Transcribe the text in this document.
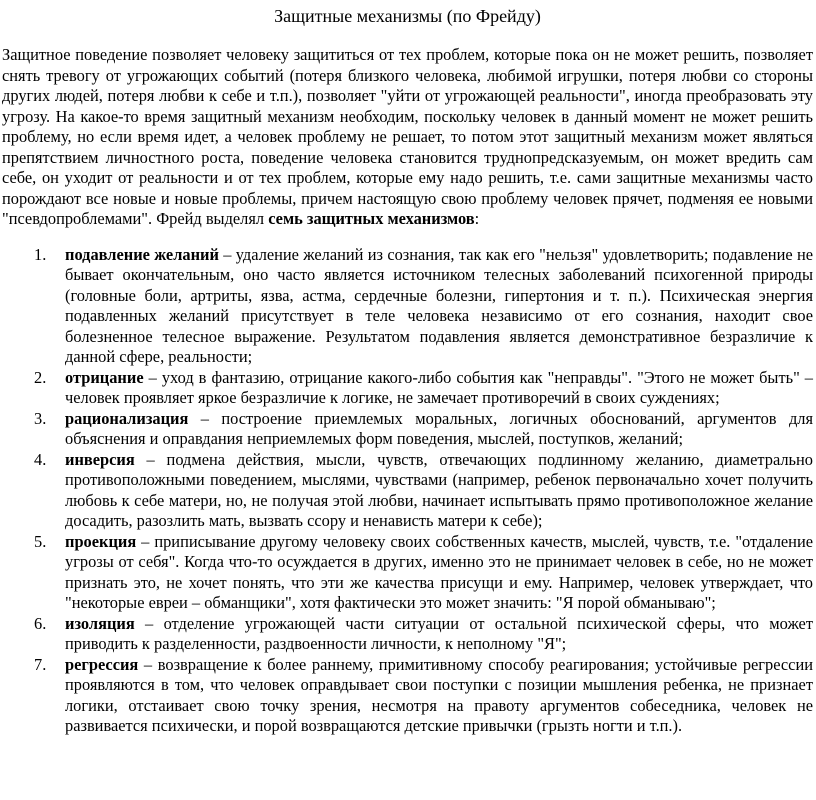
Защитные механизмы (по Фрейду)

Защитное поведение позволяет человеку защититься от тех проблем, которые пока он не может решить, позволяет снять тревогу от угрожающих событий (потеря близкого человека, любимой игрушки, потеря любви со стороны других людей, потеря любви к себе и т.п.), позволяет "уйти от угрожающей реальности", иногда преобразовать эту угрозу. На какое-то время защитный механизм необходим, поскольку человек в данный момент не может решить проблему, но если время идет, а человек проблему не решает, то потом этот защитный механизм может являться препятствием личностного роста, поведение человека становится труднопредсказуемым, он может вредить сам себе, он уходит от реальности и от тех проблем, которые ему надо решить, т.е. сами защитные механизмы часто порождают все новые и новые проблемы, причем настоящую свою проблему человек прячет, подменяя ее новыми "псевдопроблемами". Фрейд выделял семь защитных механизмов:

1. подавление желаний – удаление желаний из сознания, так как его "нельзя" удовлетворить; подавление не бывает окончательным, оно часто является источником телесных заболеваний психогенной природы (головные боли, артриты, язва, астма, сердечные болезни, гипертония и т. п.). Психическая энергия подавленных желаний присутствует в теле человека независимо от его сознания, находит свое болезненное телесное выражение. Результатом подавления является демонстративное безразличие к данной сфере, реальности;
2. отрицание – уход в фантазию, отрицание какого-либо события как "неправды". "Этого не может быть" – человек проявляет яркое безразличие к логике, не замечает противоречий в своих суждениях;
3. рационализация – построение приемлемых моральных, логичных обоснований, аргументов для объяснения и оправдания неприемлемых форм поведения, мыслей, поступков, желаний;
4. инверсия – подмена действия, мысли, чувств, отвечающих подлинному желанию, диаметрально противоположными поведением, мыслями, чувствами (например, ребенок первоначально хочет получить любовь к себе матери, но, не получая этой любви, начинает испытывать прямо противоположное желание досадить, разозлить мать, вызвать ссору и ненависть матери к себе);
5. проекция – приписывание другому человеку своих собственных качеств, мыслей, чувств, т.е. "отдаление угрозы от себя". Когда что-то осуждается в других, именно это не принимает человек в себе, но не может признать это, не хочет понять, что эти же качества присущи и ему. Например, человек утверждает, что "некоторые евреи – обманщики", хотя фактически это может значить: "Я порой обманываю";
6. изоляция – отделение угрожающей части ситуации от остальной психической сферы, что может приводить к разделенности, раздвоенности личности, к неполному "Я";
7. регрессия – возвращение к более раннему, примитивному способу реагирования; устойчивые регрессии проявляются в том, что человек оправдывает свои поступки с позиции мышления ребенка, не признает логики, отстаивает свою точку зрения, несмотря на правоту аргументов собеседника, человек не развивается психически, и порой возвращаются детские привычки (грызть ногти и т.п.).
